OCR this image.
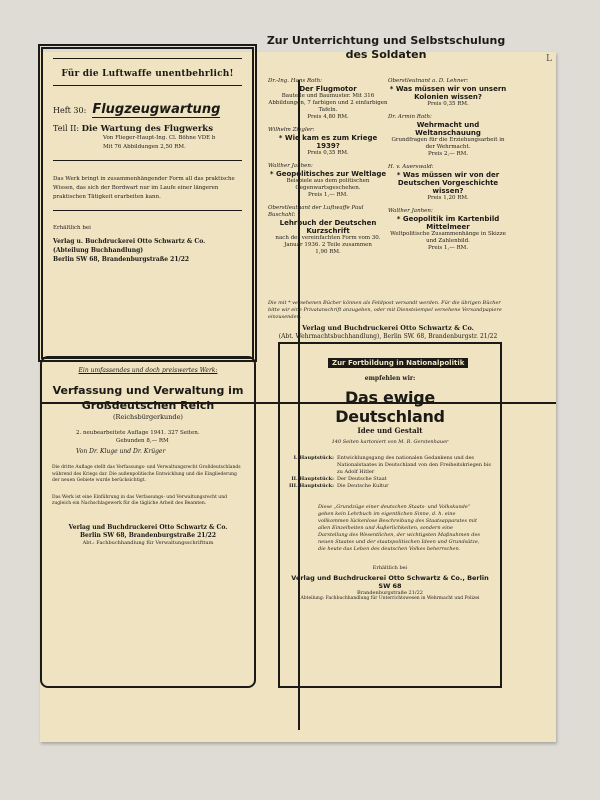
L
Für die Luftwaffe unentbehrlich!
Heft 30: Flugzeugwartung
Teil II: Die Wartung des Flugwerks
Von Flieger-Haupt-Ing. Cl. Böhne VDE b
Mit 76 Abbildungen 2,50 RM.
Das Werk bringt in zusammenhängender Form all das praktische Wissen, das sich der Bordwart nur im Laufe einer längeren praktischen Tätigkeit erarbeiten kann.
Erhältlich bei
Verlag u. Buchdruckerei Otto Schwartz & Co.
(Abteilung Buchhandlung)
Berlin SW 68, Brandenburgstraße 21/22
Zur Unterrichtung und Selbstschulung
des Soldaten
Dr.-Ing. Hans Roth:
Der Flugmotor
Bauteile und Baumuster. Mit 316 Abbildungen, 7 farbigen und 2 einfarbigen Tafeln.
Preis 4,80 RM.
Wilhelm Ziegler:
* Wie kam es zum Kriege 1939?
Preis 0,35 RM.
Walther Janhen:
* Geopolitisches zur Weltlage
Beispiele aus dem politischen Gegenwartsgeschehen.
Preis 1,— RM.
Oberstleutnant der Luftwaffe Paul Buschahl:
Lehrbuch der Deutschen Kurzschrift
nach der vereinfachten Form vom 30. Januar 1936. 2 Teile zusammen
1,90 RM.
Oberstleutnant a. D. Lehner:
* Was müssen wir von unsern Kolonien wissen?
Preis 0,35 RM.
Dr. Armin Roth:
Wehrmacht und Weltanschauung
Grundfragen für die Erziehungsarbeit in der Wehrmacht.
Preis 2,— RM.
H. v. Auerswald:
* Was müssen wir von der Deutschen Vorgeschichte wissen?
Preis 1,20 RM.
Walther Janhen:
* Geopolitik im Kartenbild Mittelmeer
Weltpolitische Zusammenhänge in Skizze und Zahlenbild.
Preis 1,— RM.
Die mit * versehenen Bücher können als Feldpost versandt werden. Für die übrigen Bücher bitte wir eine Privatanschrift anzugeben, oder mit Dienstsiempel versehene Versandpapiere einzusenden.
Verlag und Buchdruckerei Otto Schwartz & Co.
(Abt. Wehrmachtsbuchhandlung), Berlin SW. 68, Brandenburgstr. 21/22
Ein umfassendes und doch preiswertes Werk:
Verfassung und Verwaltung im
Großdeutschen Reich
(Reichsbürgerkunde)
2. neubearbeitete Auflage 1941. 327 Seiten.
Gebunden 8,— RM
Von Dr. Kluge und Dr. Krüger
Die dritte Auflage stellt das Verfassungs- und Verwaltungsrecht Großdeutschlands während des Kriegs dar. Die außenpolitische Entwicklung und die Eingliederung der neuen Gebiete wurde berücksichtigt.
Das Werk ist eine Einführung in das Verfassungs- und Verwaltungsrecht und zugleich ein Nachschlagewerk für die tägliche Arbeit des Beamten.
Verlag und Buchdruckerei Otto Schwartz & Co.
Berlin SW 68, Brandenburgstraße 21/22
Abt.: Fachbuchhandlung für Verwaltungsschrifttum
Zur Fortbildung in Nationalpolitik
empfehlen wir:
Das ewige Deutschland
Idee und Gestalt
140 Seiten kartoniert von M. R. Gerstenhauer
I. Hauptstück: Entwicklungsgang des nationalen Gedankens und des Nationalstaates in Deutschland von den Freiheitskriegen bis zu Adolf Hitler
II. Hauptstück: Der Deutsche Staat
III. Hauptstück: Die Deutsche Kultur
Diese „Grundzüge einer deutschen Staats- und Volkskunde“ geben kein Lehrbuch im eigentlichen Sinne, d. h. eine vollkommen lückenlose Beschreibung des Staatsapparates mit allen Einzelheiten und Äußerlichkeiten, sondern eine Darstellung des Wesentlichen, der wichtigsten Maßnahmen des neuen Staates und der staatspolitischen Ideen und Grundsätze, die heute das Leben des deutschen Volkes beherrschen.
Erhältlich bei
Verlag und Buchdruckerei Otto Schwartz & Co., Berlin SW 68
Brandenburgstraße 21/22
Abteilung: Fachbuchhandlung für Unterrichtswesen in Wehrmacht und Polizei
